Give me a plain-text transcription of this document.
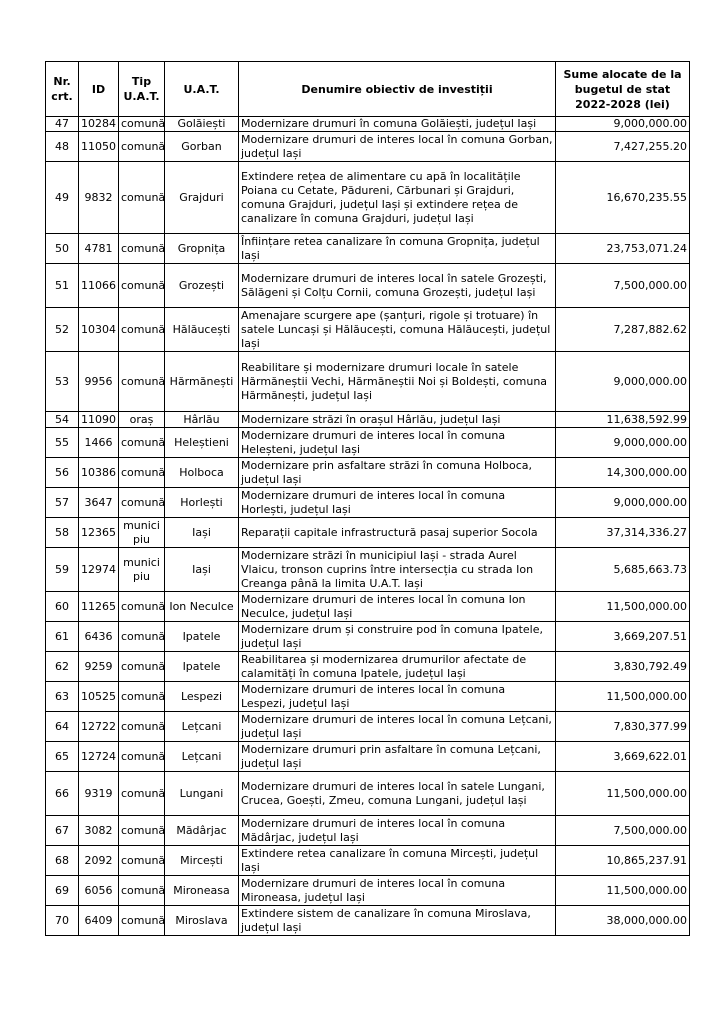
Nr. crt.	ID	Tip U.A.T.	U.A.T.	Denumire obiectiv de investiții	Sume alocate de la bugetul de stat 2022-2028 (lei)
47	10284	comună	Golăiești	Modernizare drumuri în comuna Golăiești, județul Iași	9,000,000.00
48	11050	comună	Gorban	Modernizare drumuri de interes local în comuna Gorban, județul Iași	7,427,255.20
49	9832	comună	Grajduri	Extindere rețea de alimentare cu apă în localitățile Poiana cu Cetate, Pădureni, Cărbunari și Grajduri, comuna Grajduri, județul Iași și extindere rețea de canalizare în comuna Grajduri, județul Iași	16,670,235.55
50	4781	comună	Gropnița	Înființare retea canalizare în comuna Gropnița, județul Iași	23,753,071.24
51	11066	comună	Grozești	Modernizare drumuri de interes local în satele Grozești, Sălăgeni și Colțu Cornii, comuna Grozești, județul Iași	7,500,000.00
52	10304	comună	Hălăucești	Amenajare scurgere ape (șanțuri, rigole și trotuare) în satele Luncași și Hălăucești, comuna Hălăucești, județul Iași	7,287,882.62
53	9956	comună	Hărmănești	Reabilitare și modernizare drumuri locale în satele Hărmăneștii Vechi, Hărmăneștii Noi și Boldești, comuna Hărmănești, județul Iași	9,000,000.00
54	11090	oraș	Hârlău	Modernizare străzi în orașul Hârlău, județul Iași	11,638,592.99
55	1466	comună	Heleștieni	Modernizare drumuri de interes local în comuna Heleșteni, județul Iași	9,000,000.00
56	10386	comună	Holboca	Modernizare prin asfaltare străzi în comuna Holboca, județul Iași	14,300,000.00
57	3647	comună	Horlești	Modernizare drumuri de interes local în comuna Horlești, județul Iași	9,000,000.00
58	12365	municipiu	Iași	Reparații capitale infrastructură pasaj superior Socola	37,314,336.27
59	12974	municipiu	Iași	Modernizare străzi în municipiul Iași - strada Aurel Vlaicu, tronson cuprins între intersecția cu strada Ion Creanga până la limita U.A.T. Iași	5,685,663.73
60	11265	comună	Ion Neculce	Modernizare drumuri de interes local în comuna Ion Neculce, județul Iași	11,500,000.00
61	6436	comună	Ipatele	Modernizare drum și construire pod în comuna Ipatele, județul Iași	3,669,207.51
62	9259	comună	Ipatele	Reabilitarea și modernizarea drumurilor afectate de calamități în comuna Ipatele, județul Iași	3,830,792.49
63	10525	comună	Lespezi	Modernizare drumuri de interes local în comuna Lespezi, județul Iași	11,500,000.00
64	12722	comună	Lețcani	Modernizare drumuri de interes local în comuna Lețcani, județul Iași	7,830,377.99
65	12724	comună	Lețcani	Modernizare drumuri prin asfaltare în comuna Lețcani, județul Iași	3,669,622.01
66	9319	comună	Lungani	Modernizare drumuri de interes local în satele Lungani, Crucea, Goești, Zmeu, comuna Lungani, județul Iași	11,500,000.00
67	3082	comună	Mădârjac	Modernizare drumuri de interes local în comuna Mădârjac, județul Iași	7,500,000.00
68	2092	comună	Mircești	Extindere retea canalizare în comuna Mircești, județul Iași	10,865,237.91
69	6056	comună	Mironeasa	Modernizare drumuri de interes local în comuna Mironeasa, județul Iași	11,500,000.00
70	6409	comună	Miroslava	Extindere sistem de canalizare în comuna Miroslava, județul Iași	38,000,000.00
